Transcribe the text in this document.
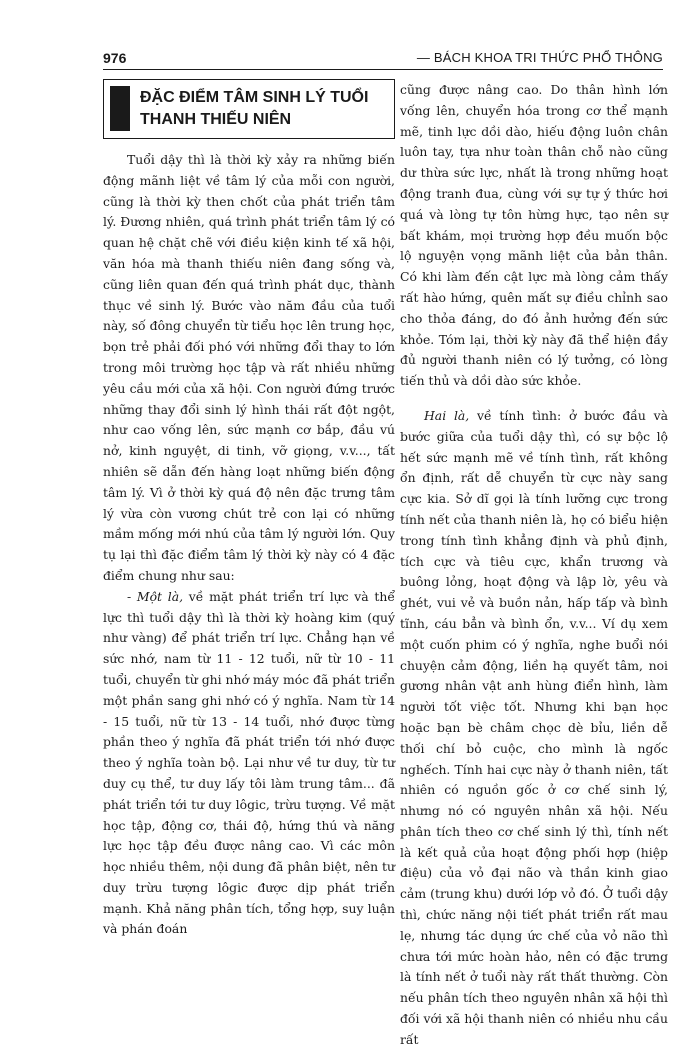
976
—	BÁCH KHOA TRI THỨC PHỔ THÔNG
ĐẶC ĐIỂM TÂM SINH LÝ TUỔI THANH THIẾU NIÊN

Tuổi dậy thì là thời kỳ xảy ra những biến động mãnh liệt về tâm lý của mỗi con người, cũng là thời kỳ then chốt của phát triển tâm lý. Đương nhiên, quá trình phát triển tâm lý có quan hệ chặt chẽ với điều kiện kinh tế xã hội, văn hóa mà thanh thiếu niên đang sống và, cũng liên quan đến quá trình phát dục, thành thục về sinh lý. Bước vào năm đầu của tuổi này, số đông chuyển từ tiểu học lên trung học, bọn trẻ phải đối phó với những đổi thay to lớn trong môi trường học tập và rất nhiều những yêu cầu mới của xã hội. Con người đứng trước những thay đổi sinh lý hình thái rất đột ngột, như cao vống lên, sức mạnh cơ bắp, đầu vú nở, kinh nguyệt, di tinh, vỡ giọng, v.v..., tất nhiên sẽ dẫn đến hàng loạt những biến động tâm lý. Vì ở thời kỳ quá độ nên đặc trưng tâm lý vừa còn vương chút trẻ con lại có những mầm mống mới nhú của tâm lý người lớn. Quy tụ lại thì đặc điểm tâm lý thời kỳ này có 4 đặc điểm chung như sau:

- Một là, về mặt phát triển trí lực và thể lực thì tuổi dậy thì là thời kỳ hoàng kim (quý như vàng) để phát triển trí lực. Chẳng hạn về sức nhớ, nam từ 11 - 12 tuổi, nữ từ 10 - 11 tuổi, chuyển từ ghi nhớ máy móc đã phát triển một phần sang ghi nhớ có ý nghĩa. Nam từ 14 - 15 tuổi, nữ từ 13 - 14 tuổi, nhớ được từng phần theo ý nghĩa đã phát triển tới nhớ được theo ý nghĩa toàn bộ. Lại như về tư duy, từ tư duy cụ thể, tư duy lấy tôi làm trung tâm... đã phát triển tới tư duy lôgic, trừu tượng. Về mặt học tập, động cơ, thái độ, hứng thú và năng lực học tập đều được nâng cao. Vì các môn học nhiều thêm, nội dung đã phân biệt, nên tư duy trừu tượng lôgic được dịp phát triển mạnh. Khả năng phân tích, tổng hợp, suy luận và phán đoán

cũng được nâng cao. Do thân hình lớn vống lên, chuyển hóa trong cơ thể mạnh mẽ, tinh lực dồi dào, hiếu động luôn chân luôn tay, tựa như toàn thân chỗ nào cũng dư thừa sức lực, nhất là trong những hoạt động tranh đua, cùng với sự tự ý thức hơi quá và lòng tự tôn hừng hực, tạo nên sự bất khám, mọi trường hợp đều muốn bộc lộ nguyện vọng mãnh liệt của bản thân. Có khi làm đến cật lực mà lòng cảm thấy rất hào hứng, quên mất sự điều chỉnh sao cho thỏa đáng, do đó ảnh hưởng đến sức khỏe. Tóm lại, thời kỳ này đã thể hiện đầy đủ người thanh niên có lý tưởng, có lòng tiến thủ và dồi dào sức khỏe.

Hai là, về tính tình: ở bước đầu và bước giữa của tuổi dậy thì, có sự bộc lộ hết sức mạnh mẽ về tính tình, rất không ổn định, rất dễ chuyển từ cực này sang cực kia. Sở dĩ gọi là tính lưỡng cực trong tính nết của thanh niên là, họ có biểu hiện trong tính tình khẳng định và phủ định, tích cực và tiêu cực, khẩn trương và buông lỏng, hoạt động và lập lờ, yêu và ghét, vui vẻ và buồn nản, hấp tấp và bình tĩnh, cáu bẳn và bình ổn, v.v... Ví dụ xem một cuốn phim có ý nghĩa, nghe buổi nói chuyện cảm động, liền hạ quyết tâm, noi gương nhân vật anh hùng điển hình, làm người tốt việc tốt. Nhưng khi bạn học hoặc bạn bè châm chọc dè bỉu, liền dễ thối chí bỏ cuộc, cho mình là ngốc nghếch. Tính hai cực này ở thanh niên, tất nhiên có nguồn gốc ở cơ chế sinh lý, nhưng nó có nguyên nhân xã hội. Nếu phân tích theo cơ chế sinh lý thì, tính nết là kết quả của hoạt động phối hợp (hiệp điệu) của vỏ đại não và thần kinh giao cảm (trung khu) dưới lớp vỏ đó. Ở tuổi dậy thì, chức năng nội tiết phát triển rất mau lẹ, nhưng tác dụng ức chế của vỏ não thì chưa tới mức hoàn hảo, nên có đặc trưng là tính nết ở tuổi này rất thất thường. Còn nếu phân tích theo nguyên nhân xã hội thì đối với xã hội thanh niên có nhiều nhu cầu rất
